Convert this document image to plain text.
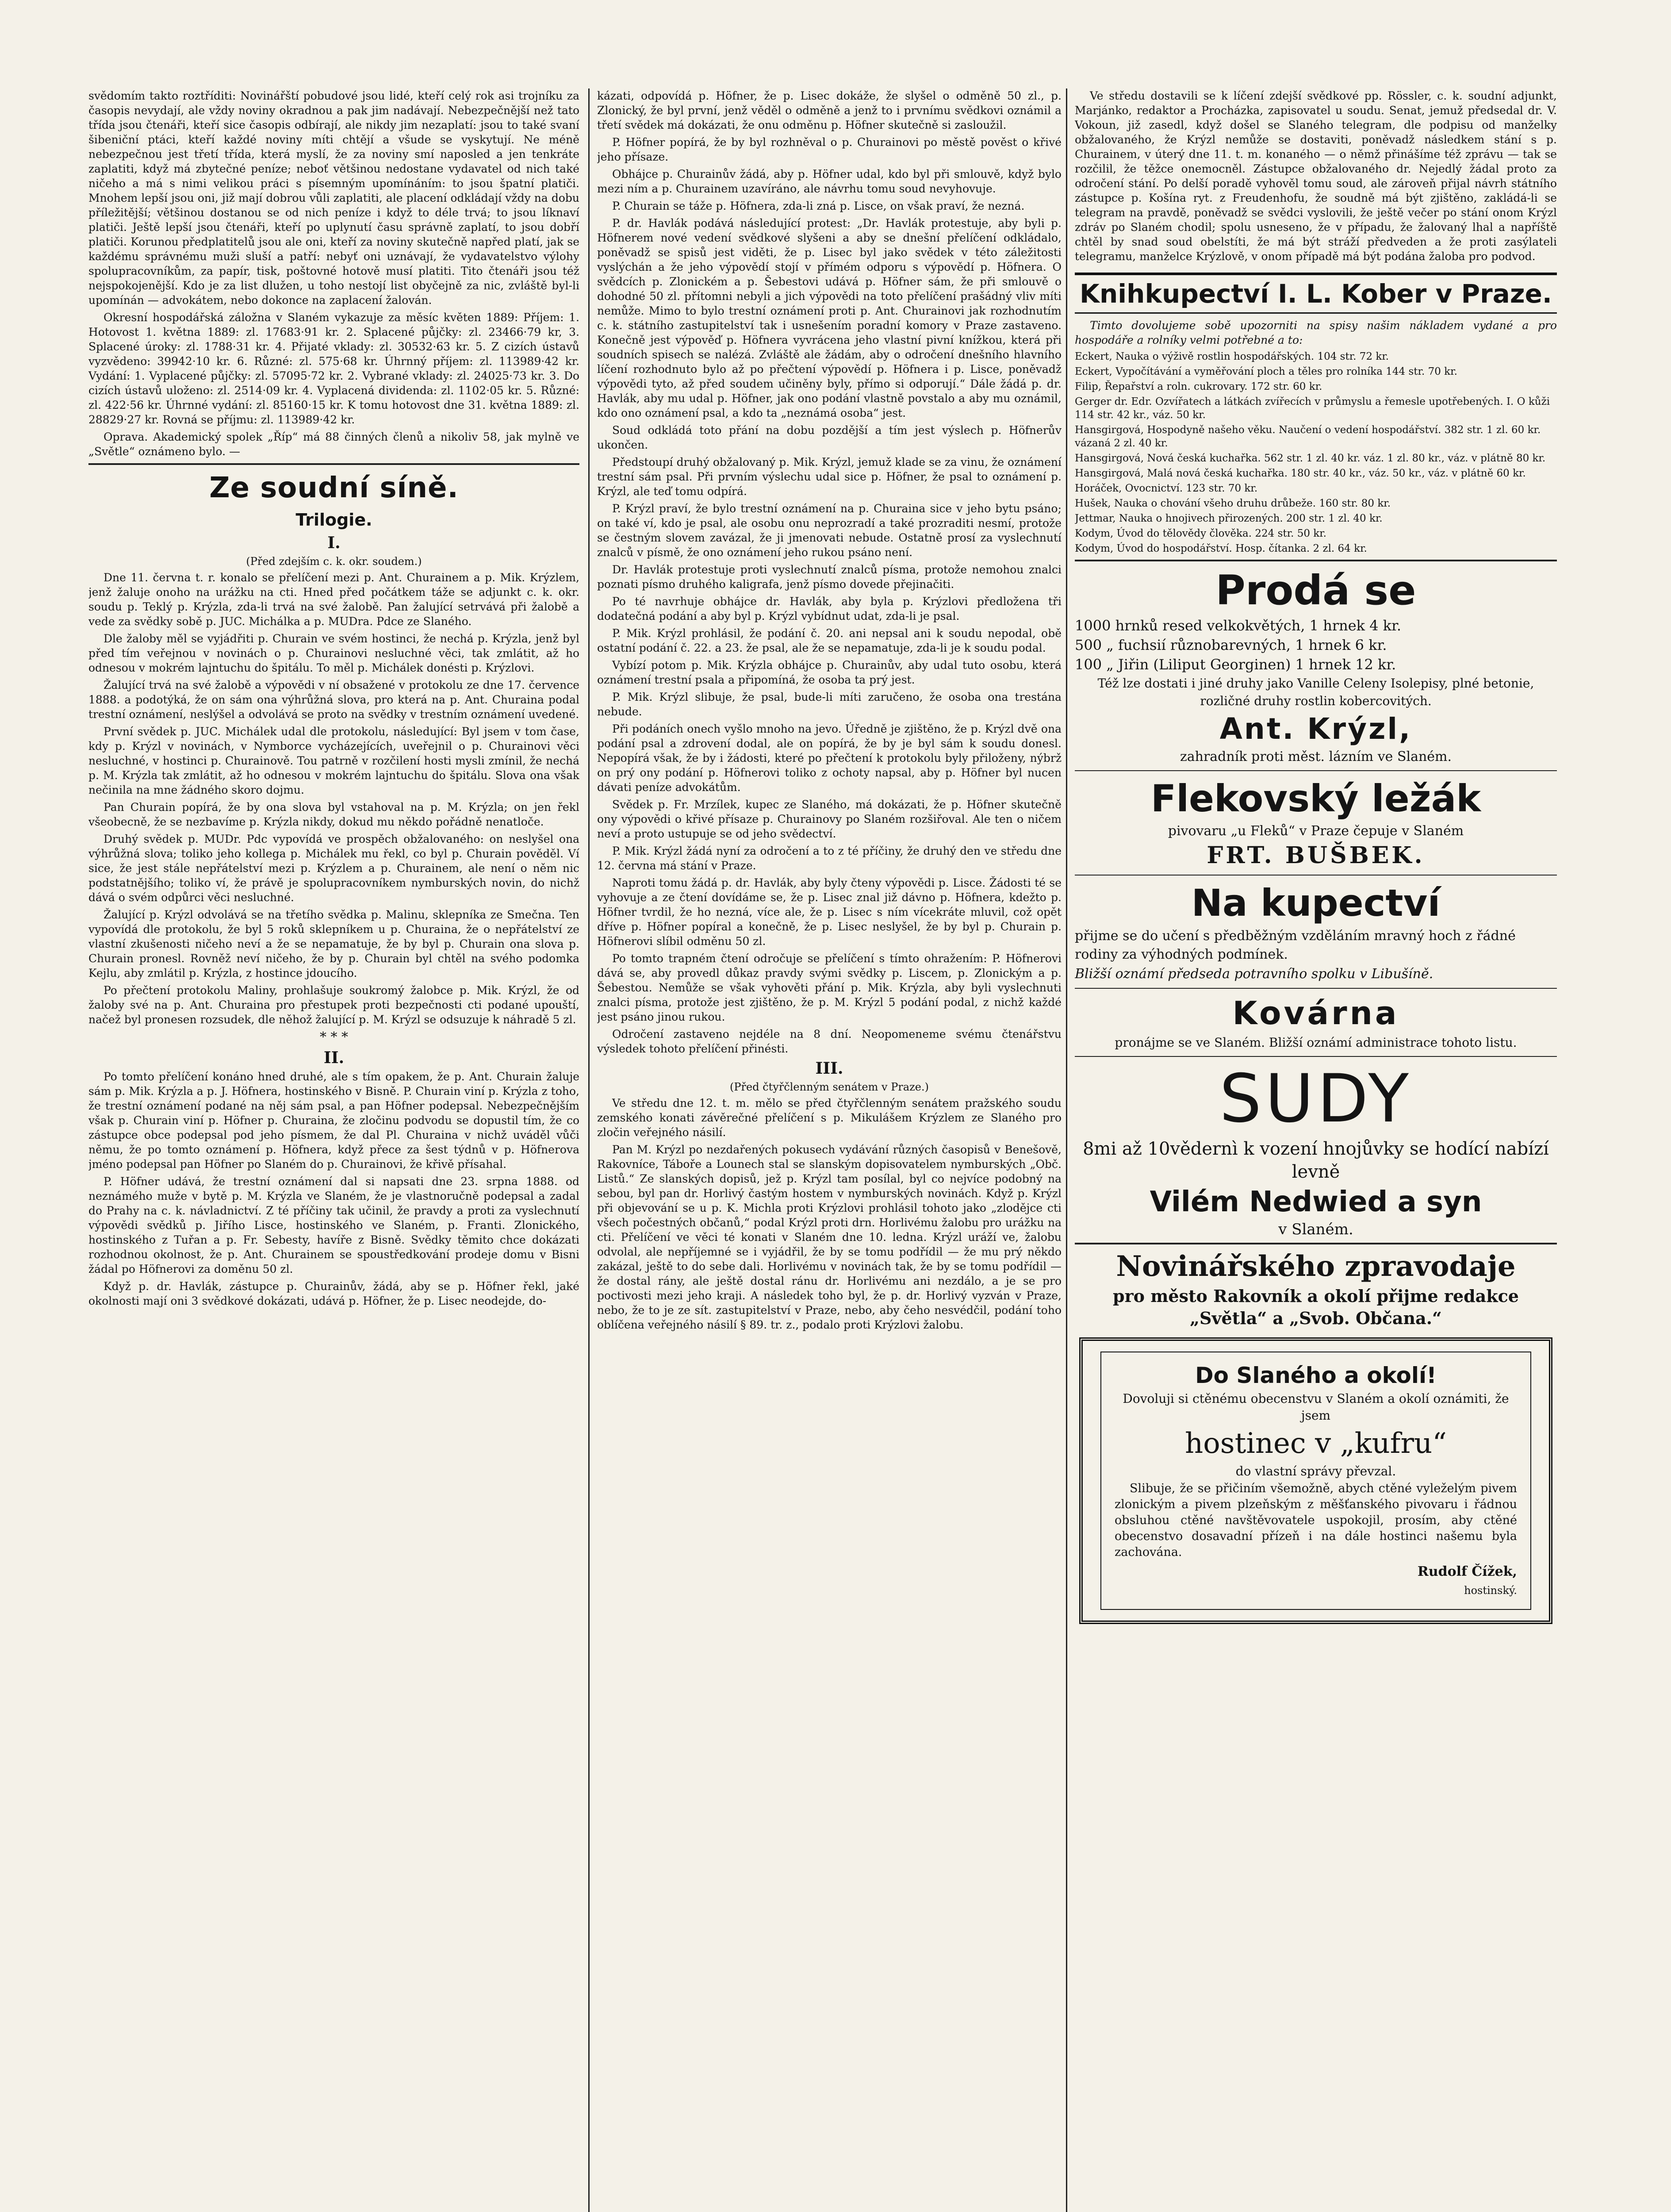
svědomím takto roztříditi: Novinářští pobudové jsou lidé, kteří celý rok asi trojníku za časopis nevydají, ale vždy noviny okradnou a pak jim nadávají. Nebezpečnější než tato třída jsou čtenáři, kteří sice časopis odbírají, ale nikdy jim nezaplatí: jsou to také svaní šibeniční ptáci, kteří každé noviny míti chtějí a všude se vyskytují. Ne méně nebezpečnou jest třetí třída, která myslí, že za noviny smí naposled a jen tenkráte zaplatiti, když má zbytečné peníze; neboť většinou nedostane vydavatel od nich také ničeho a má s nimi velikou práci s písemným upomínáním: to jsou špatní platiči. Mnohem lepší jsou oni, již mají dobrou vůli zaplatiti, ale placení odkládají vždy na dobu příležitější; většinou dostanou se od nich peníze i když to déle trvá; to jsou líknaví platiči. Ještě lepší jsou čtenáři, kteří po uplynutí času správně zaplatí, to jsou dobří platiči. Korunou předplatitelů jsou ale oni, kteří za noviny skutečně napřed platí, jak se každému správnému muži sluší a patří: nebyť oni uznávají, že vydavatelstvo výlohy spolupracovníkům, za papír, tisk, poštovné hotově musí platiti. Tito čtenáři jsou též nejspokojenější. Kdo je za list dlužen, u toho nestojí list obyčejně za nic, zvláště byl-li upomínán — advokátem, nebo dokonce na zaplacení žalován.

Okresní hospodářská záložna v Slaném vykazuje za měsíc květen 1889: Příjem: 1. Hotovost 1. května 1889: zl. 17683·91 kr. 2. Splacené půjčky: zl. 23466·79 kr, 3. Splacené úroky: zl. 1788·31 kr. 4. Přijaté vklady: zl. 30532·63 kr. 5. Z cizích ústavů vyzvědeno: 39942·10 kr. 6. Různé: zl. 575·68 kr. Úhrnný příjem: zl. 113989·42 kr. Vydání: 1. Vyplacené půjčky: zl. 57095·72 kr. 2. Vybrané vklady: zl. 24025·73 kr. 3. Do cizích ústavů uloženo: zl. 2514·09 kr. 4. Vyplacená dividenda: zl. 1102·05 kr. 5. Různé: zl. 422·56 kr. Úhrnné vydání: zl. 85160·15 kr. K tomu hotovost dne 31. května 1889: zl. 28829·27 kr. Rovná se příjmu: zl. 113989·42 kr.

Oprava. Akademický spolek „Říp“ má 88 činných členů a nikoliv 58, jak mylně ve „Světle“ oznámeno bylo. —

Ze soudní síně.
Trilogie.
I.
(Před zdejším c. k. okr. soudem.)

Dne 11. června t. r. konalo se přelíčení mezi p. Ant. Churainem a p. Mik. Krýzlem, jenž žaluje onoho na urážku na cti. Hned před počátkem táže se adjunkt c. k. okr. soudu p. Teklý p. Krýzla, zda-li trvá na své žalobě. Pan žalující setrvává při žalobě a vede za svědky sobě p. JUC. Michálka a p. MUDra. Pdce ze Slaného.

Dle žaloby měl se vyjádřiti p. Churain ve svém hostinci, že nechá p. Krýzla, jenž byl před tím veřejnou v novinách o p. Churainovi nesluchné věci, tak zmlátit, až ho odnesou v mokrém lajntuchu do špitálu. To měl p. Michálek donésti p. Krýzlovi.

Žalující trvá na své žalobě a výpovědi v ní obsažené v protokolu ze dne 17. července 1888. a podotýká, že on sám ona výhrůžná slova, pro která na p. Ant. Churaina podal trestní oznámení, neslýšel a odvolává se proto na svědky v trestním oznámení uvedené.

První svědek p. JUC. Michálek udal dle protokolu, následující: Byl jsem v tom čase, kdy p. Krýzl v novinách, v Nymborce vycházejících, uveřejnil o p. Churainovi věci nesluchné, v hostinci p. Churainově. Tou patrně v rozčilení hosti mysli zmínil, že nechá p. M. Krýzla tak zmlátit, až ho odnesou v mokrém lajntuchu do špitálu. Slova ona však nečinila na mne žádného skoro dojmu.

Pan Churain popírá, že by ona slova byl vstahoval na p. M. Krýzla; on jen řekl všeobecně, že se nezbavíme p. Krýzla nikdy, dokud mu někdo pořádně nenatloče.

Druhý svědek p. MUDr. Pdc vypovídá ve prospěch obžalovaného: on neslyšel ona výhrůžná slova; toliko jeho kollega p. Michálek mu řekl, co byl p. Churain pověděl. Ví sice, že jest stále nepřátelství mezi p. Krýzlem a p. Churainem, ale není o něm nic podstatnějšího; toliko ví, že právě je spolupracovníkem nymburských novin, do nichž dává o svém odpůrci věci nesluchné.

Žalující p. Krýzl odvolává se na třetího svědka p. Malinu, sklepníka ze Smečna. Ten vypovídá dle protokolu, že byl 5 roků sklepníkem u p. Churaina, že o nepřátelství ze vlastní zkušenosti ničeho neví a že se nepamatuje, že by byl p. Churain ona slova p. Churain pronesl. Rovněž neví ničeho, že by p. Churain byl chtěl na svého podomka Kejlu, aby zmlátil p. Krýzla, z hostince jdoucího.

Po přečtení protokolu Maliny, prohlašuje soukromý žalobce p. Mik. Krýzl, že od žaloby své na p. Ant. Churaina pro přestupek proti bezpečnosti cti podané upouští, načež byl pronesen rozsudek, dle něhož žalující p. M. Krýzl se odsuzuje k náhradě 5 zl.

* * *
II.

Po tomto přelíčení konáno hned druhé, ale s tím opakem, že p. Ant. Churain žaluje sám p. Mik. Krýzla a p. J. Höfnera, hostinského v Bisně. P. Churain viní p. Krýzla z toho, že trestní oznámení podané na něj sám psal, a pan Höfner podepsal. Nebezpečnějším však p. Churain viní p. Höfner p. Churaina, že zločinu podvodu se dopustil tím, že co zástupce obce podepsal pod jeho písmem, že dal Pl. Churaina v nichž uváděl vůči němu, že po tomto oznámení p. Höfnera, když přece za šest týdnů v p. Höfnerova jméno podepsal pan Höfner po Slaném do p. Churainovi, že křivě přísahal.

P. Höfner udává, že trestní oznámení dal si napsati dne 23. srpna 1888. od neznámého muže v bytě p. M. Krýzla ve Slaném, že je vlastnoručně podepsal a zadal do Prahy na c. k. návladnictví. Z té příčiny tak učinil, že pravdy a proti za vyslechnutí výpovědi svědků p. Jiřího Lisce, hostinského ve Slaném, p. Franti. Zlonického, hostinského z Tuřan a p. Fr. Sebesty, havíře z Bisně. Svědky těmito chce dokázati rozhodnou okolnost, že p. Ant. Churainem se spoustředkování prodeje domu v Bisni žádal po Höfnerovi za doměnu 50 zl.

Když p. dr. Havlák, zástupce p. Churainův, žádá, aby se p. Höfner řekl, jaké okolnosti mají oni 3 svědkové dokázati, udává p. Höfner, že p. Lisec neodejde, do-

kázati, odpovídá p. Höfner, že p. Lisec dokáže, že slyšel o odměně 50 zl., p. Zlonický, že byl první, jenž věděl o odměně a jenž to i prvnímu svědkovi oznámil a třetí svědek má dokázati, že onu odměnu p. Höfner skutečně si zasloužil.

P. Höfner popírá, že by byl rozhněval o p. Churainovi po městě pověst o křivé jeho přísaze.

Obhájce p. Churainův žádá, aby p. Höfner udal, kdo byl při smlouvě, když bylo mezi ním a p. Churainem uzavíráno, ale návrhu tomu soud nevyhovuje.

P. Churain se táže p. Höfnera, zda-li zná p. Lisce, on však praví, že nezná.

P. dr. Havlák podává následující protest: „Dr. Havlák protestuje, aby byli p. Höfnerem nové vedení svědkové slyšeni a aby se dnešní přelíčení odkládalo, poněvadž se spisů jest viděti, že p. Lisec byl jako svědek v této záležitosti vyslýchán a že jeho výpovědí stojí v přímém odporu s výpovědí p. Höfnera. O svědcích p. Zlonickém a p. Šebestovi udává p. Höfner sám, že při smlouvě o dohodné 50 zl. přítomni nebyli a jich výpovědi na toto přelíčení prašádný vliv míti nemůže. Mimo to bylo trestní oznámení proti p. Ant. Churainovi jak rozhodnutím c. k. státního zastupitelství tak i usnešením poradní komory v Praze zastaveno. Konečně jest výpověď p. Höfnera vyvrácena jeho vlastní pivní knížkou, která při soudních spisech se nalézá. Zvláště ale žádám, aby o odročení dnešního hlavního líčení rozhodnuto bylo až po přečtení výpovědí p. Höfnera i p. Lisce, poněvadž výpovědi tyto, až před soudem učiněny byly, přímo si odporují.“ Dále žádá p. dr. Havlák, aby mu udal p. Höfner, jak ono podání vlastně povstalo a aby mu oznámil, kdo ono oznámení psal, a kdo ta „neznámá osoba“ jest.

Soud odkládá toto přání na dobu pozdější a tím jest výslech p. Höfnerův ukončen.

Předstoupí druhý obžalovaný p. Mik. Krýzl, jemuž klade se za vinu, že oznámení trestní sám psal. Při prvním výslechu udal sice p. Höfner, že psal to oznámení p. Krýzl, ale teď tomu odpírá.

P. Krýzl praví, že bylo trestní oznámení na p. Churaina sice v jeho bytu psáno; on také ví, kdo je psal, ale osobu onu neprozradí a také prozraditi nesmí, protože se čestným slovem zavázal, že ji jmenovati nebude. Ostatně prosí za vyslechnutí znalců v písmě, že ono oznámení jeho rukou psáno není.

Dr. Havlák protestuje proti vyslechnutí znalců písma, protože nemohou znalci poznati písmo druhého kaligrafa, jenž písmo dovede přejinačiti.

Po té navrhuje obhájce dr. Havlák, aby byla p. Krýzlovi předložena tři dodatečná podání a aby byl p. Krýzl vybídnut udat, zda-li je psal.

P. Mik. Krýzl prohlásil, že podání č. 20. ani nepsal ani k soudu nepodal, obě ostatní podání č. 22. a 23. že psal, ale že se nepamatuje, zda-li je k soudu podal.

Vybízí potom p. Mik. Krýzla obhájce p. Churainův, aby udal tuto osobu, která oznámení trestní psala a připomíná, že osoba ta prý jest.

P. Mik. Krýzl slibuje, že psal, bude-li míti zaručeno, že osoba ona trestána nebude.

Při podáních onech vyšlo mnoho na jevo. Úředně je zjištěno, že p. Krýzl dvě ona podání psal a zdrovení dodal, ale on popírá, že by je byl sám k soudu donesl. Nepopírá však, že by i žádosti, které po přečtení k protokolu byly přiloženy, nýbrž on prý ony podání p. Höfnerovi toliko z ochoty napsal, aby p. Höfner byl nucen dávati peníze advokátům.

Svědek p. Fr. Mrzílek, kupec ze Slaného, má dokázati, že p. Höfner skutečně ony výpovědi o křivé přísaze p. Churainovy po Slaném rozšiřoval. Ale ten o ničem neví a proto ustupuje se od jeho svědectví.

P. Mik. Krýzl žádá nyní za odročení a to z té příčiny, že druhý den ve středu dne 12. června má stání v Praze.

Naproti tomu žádá p. dr. Havlák, aby byly čteny výpovědi p. Lisce. Žádosti té se vyhovuje a ze čtení dovídáme se, že p. Lisec znal již dávno p. Höfnera, kdežto p. Höfner tvrdil, že ho nezná, více ale, že p. Lisec s ním vícekráte mluvil, což opět dříve p. Höfner popíral a konečně, že p. Lisec neslyšel, že by byl p. Churain p. Höfnerovi slíbil odměnu 50 zl.

Po tomto trapném čtení odročuje se přelíčení s tímto ohražením: P. Höfnerovi dává se, aby provedl důkaz pravdy svými svědky p. Liscem, p. Zlonickým a p. Šebestou. Nemůže se však vyhověti přání p. Mik. Krýzla, aby byli vyslechnuti znalci písma, protože jest zjištěno, že p. M. Krýzl 5 podání podal, z nichž každé jest psáno jinou rukou.

Odročení zastaveno nejdéle na 8 dní. Neopomeneme svému čtenářstvu výsledek tohoto přelíčení přinésti.

III.
(Před čtyřčlenným senátem v Praze.)

Ve středu dne 12. t. m. mělo se před čtyřčlenným senátem pražského soudu zemského konati závěrečné přelíčení s p. Mikulášem Krýzlem ze Slaného pro zločin veřejného násilí.

Pan M. Krýzl po nezdařených pokusech vydávání různých časopisů v Benešově, Rakovníce, Táboře a Lounech stal se slanským dopisovatelem nymburských „Obč. Listů.“ Ze slanských dopisů, jež p. Krýzl tam posílal, byl co nejvíce podobný na sebou, byl pan dr. Horlivý častým hostem v nymburských novinách. Když p. Krýzl při objevování se u p. K. Michla proti Krýzlovi prohlásil tohoto jako „zlodějce cti všech počestných občanů,“ podal Krýzl proti drn. Horlivému žalobu pro urážku na cti. Přelíčení ve věci té konati v Slaném dne 10. ledna. Krýzl uráží ve, žalobu odvolal, ale nepříjemné se i vyjádřil, že by se tomu podřídil — že mu prý někdo zakázal, ještě to do sebe dali. Horlivému v novinách tak, že by se tomu podřídil — že dostal rány, ale ještě dostal ránu dr. Horlivému ani nezdálo, a je se pro poctivosti mezi jeho kraji. A následek toho byl, že p. dr. Horlivý vyzván v Praze, nebo, že to je ze sít. zastupitelství v Praze, nebo, aby čeho nesvédčil, podání toho oblíčena veřejného násilí § 89. tr. z., podalo proti Krýzlovi žalobu.

Ve středu dostavili se k líčení zdejší svědkové pp. Rössler, c. k. soudní adjunkt, Marjánko, redaktor a Procházka, zapisovatel u soudu. Senat, jemuž předsedal dr. V. Vokoun, již zasedl, když došel se Slaného telegram, dle podpisu od manželky obžalovaného, že Krýzl nemůže se dostaviti, poněvadž následkem stání s p. Churainem, v úterý dne 11. t. m. konaného — o němž přinášíme též zprávu — tak se rozčilil, že těžce onemocněl. Zástupce obžalovaného dr. Nejedlý žádal proto za odročení stání. Po delší poradě vyhověl tomu soud, ale zároveň přijal návrh státního zástupce p. Košína ryt. z Freudenhofu, že soudně má být zjištěno, zakládá-li se telegram na pravdě, poněvadž se svědci vyslovili, že ještě večer po stání onom Krýzl zdráv po Slaném chodil; spolu usneseno, že v případu, že žalovaný lhal a napříště chtěl by snad soud obelstíti, že má být stráží předveden a že proti zasýlateli telegramu, manželce Krýzlově, v onom případě má být podána žaloba pro podvod.

Knihkupectví I. L. Kober v Praze.

Timto dovolujeme sobě upozorniti na spisy našim nákladem vydané a pro hospodáře a rolníky velmi potřebné a to:

Eckert, Nauka o výživě rostlin hospodářských. 104 str. 72 kr.

Eckert, Vypočítávání a vyměřování ploch a těles pro rolníka 144 str. 70 kr.

Filip, Řepařství a roln. cukrovary. 172 str. 60 kr.

Gerger dr. Edr. Ozvířatech a látkách zvířecích v průmyslu a řemesle upotřebených. I. O kůži 114 str. 42 kr., váz. 50 kr.

Hansgirgová, Hospodyně našeho věku. Naučení o vedení hospodářství. 382 str. 1 zl. 60 kr. vázaná 2 zl. 40 kr.

Hansgirgová, Nová česká kuchařka. 562 str. 1 zl. 40 kr. váz. 1 zl. 80 kr., váz. v plátně 80 kr.

Hansgirgová, Malá nová česká kuchařka. 180 str. 40 kr., váz. 50 kr., váz. v plátně 60 kr.

Horáček, Ovocnictví. 123 str. 70 kr.

Hušek, Nauka o chování všeho druhu drůbeže. 160 str. 80 kr.

Jettmar, Nauka o hnojivech přirozených. 200 str. 1 zl. 40 kr.

Kodym, Úvod do tělovědy člověka. 224 str. 50 kr.

Kodym, Úvod do hospodářství. Hosp. čítanka. 2 zl. 64 kr.

Prodá se

1000 hrnků resed velkokvětých, 1 hrnek 4 kr.

500 „ fuchsií různobarevných, 1 hrnek 6 kr.

100 „ Jiřin (Liliput Georginen) 1 hrnek 12 kr.

Též lze dostati i jiné druhy jako Vanille Celeny Isolepisy, plné betonie, rozličné druhy rostlin kobercovitých.

Ant. Krýzl,

zahradník proti měst. lázním ve Slaném.

Flekovský ležák

pivovaru „u Fleků“ v Praze čepuje v Slaném

FRT. BUŠBEK.
Na kupectví

přijme se do učení s předběžným vzděláním mravný hoch z řádné rodiny za výhodných podmínek.

Bližší oznámí předseda potravního spolku v Libušíně.

Kovárna

pronájme se ve Slaném. Bližší oznámí administrace tohoto listu.

SUDY

8mi až 10vědernì k vození hnojůvky se hodící nabízí levně

Vilém Nedwied a syn

v Slaném.

Novinářského zpravodaje

pro město Rakovník a okolí přijme redakce „Světla“ a „Svob. Občana.“

Do Slaného a okolí!

Dovoluji si ctěnému obecenstvu v Slaném a okolí oznámiti, že jsem

hostinec v „kufru“

do vlastní správy převzal.

Slibuje, že se přičiním všemožně, abych ctěné vyleželým pivem zlonickým a pivem plzeňským z měšťanského pivovaru i řádnou obsluhou ctěné navštěvovatele uspokojil, prosím, aby ctěné obecenstvo dosavadní přízeň i na dále hostinci našemu byla zachována.

Rudolf Čížek,

hostinský.
